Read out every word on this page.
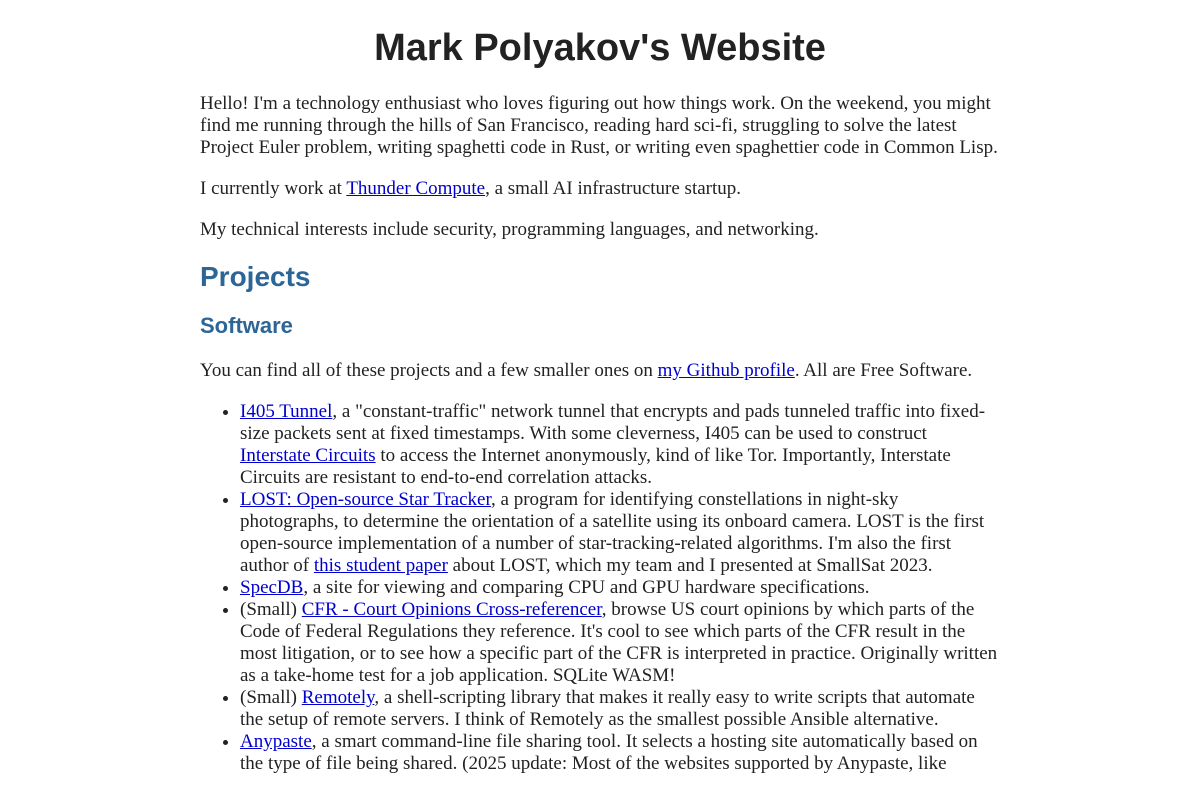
Mark Polyakov's Website

Hello! I'm a technology enthusiast who loves figuring out how things work. On the weekend, you might find me running through the hills of San Francisco, reading hard sci-fi, struggling to solve the latest Project Euler problem, writing spaghetti code in Rust, or writing even spaghettier code in Common Lisp.

I currently work at Thunder Compute, a small AI infrastructure startup.

My technical interests include security, programming languages, and networking.

Projects
Software

You can find all of these projects and a few smaller ones on my Github profile. All are Free Software.

• I405 Tunnel, a "constant-traffic" network tunnel that encrypts and pads tunneled traffic into fixed-size packets sent at fixed timestamps. With some cleverness, I405 can be used to construct Interstate Circuits to access the Internet anonymously, kind of like Tor. Importantly, Interstate Circuits are resistant to end-to-end correlation attacks.
• LOST: Open-source Star Tracker, a program for identifying constellations in night-sky photographs, to determine the orientation of a satellite using its onboard camera. LOST is the first open-source implementation of a number of star-tracking-related algorithms. I'm also the first author of this student paper about LOST, which my team and I presented at SmallSat 2023.
• SpecDB, a site for viewing and comparing CPU and GPU hardware specifications.
• (Small) CFR - Court Opinions Cross-referencer, browse US court opinions by which parts of the Code of Federal Regulations they reference. It's cool to see which parts of the CFR result in the most litigation, or to see how a specific part of the CFR is interpreted in practice. Originally written as a take-home test for a job application. SQLite WASM!
• (Small) Remotely, a shell-scripting library that makes it really easy to write scripts that automate the setup of remote servers. I think of Remotely as the smallest possible Ansible alternative.
• Anypaste, a smart command-line file sharing tool. It selects a hosting site automatically based on the type of file being shared. (2025 update: Most of the websites supported by Anypaste, like
